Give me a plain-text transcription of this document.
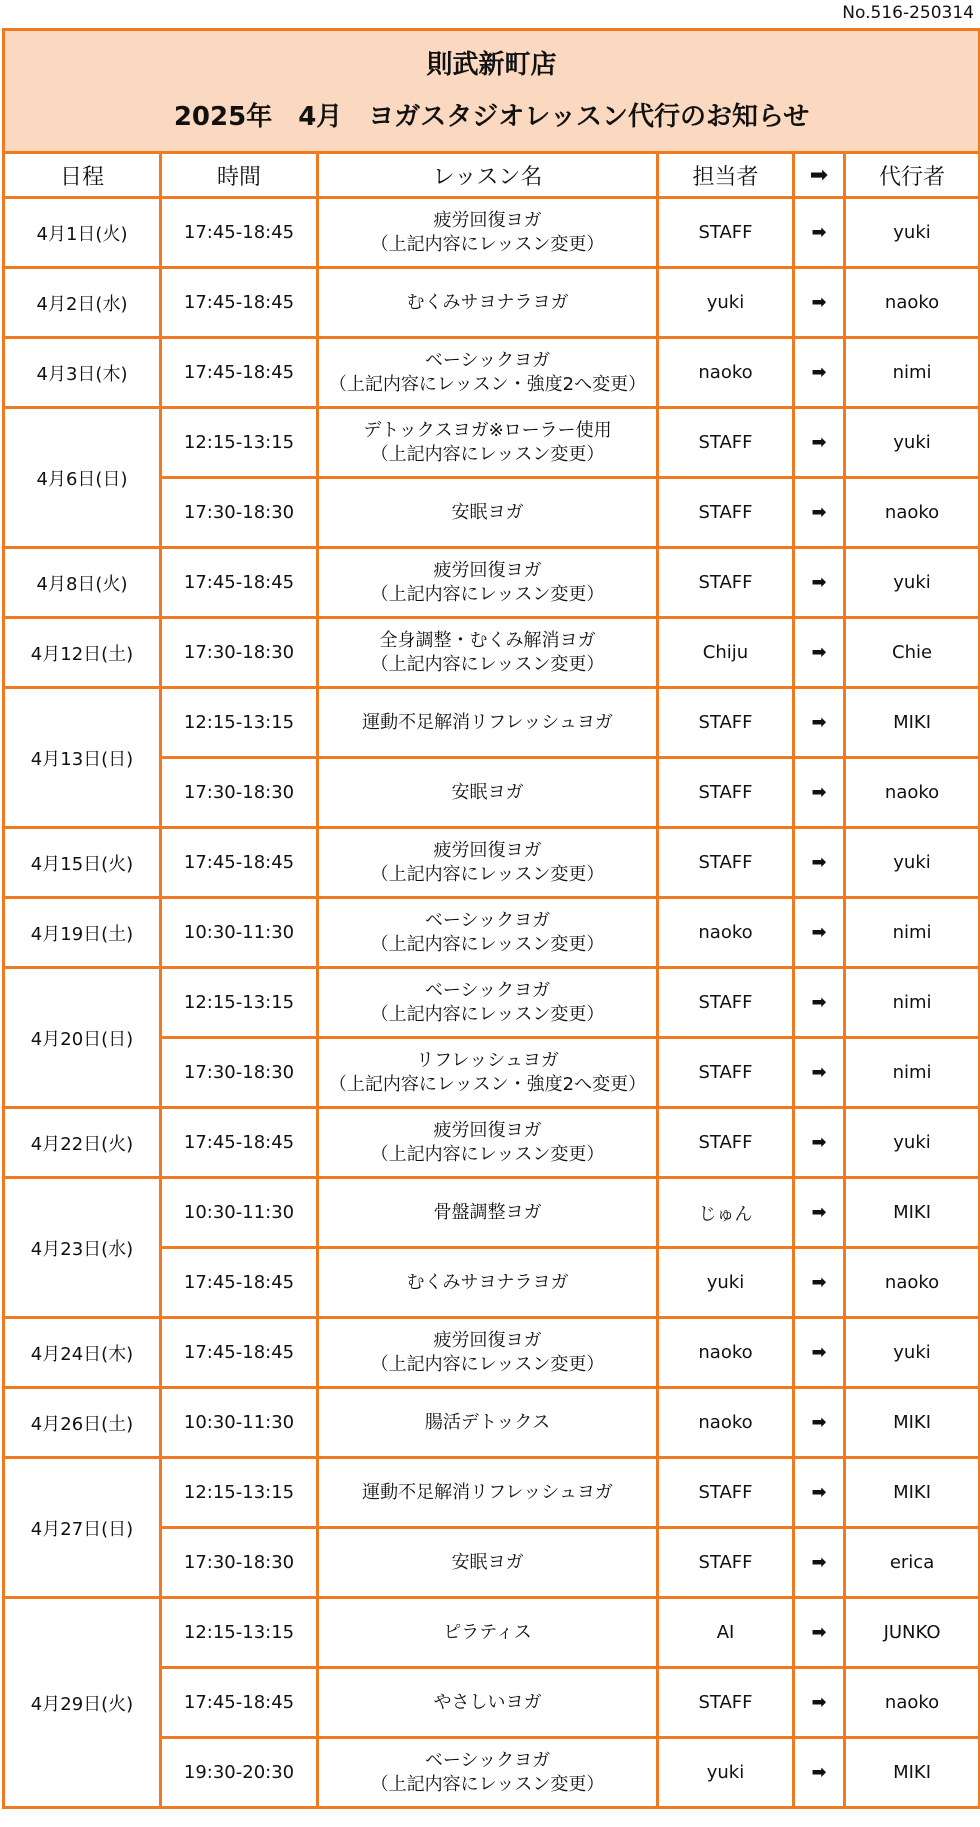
No.516-250314
則武新町店
2025年　4月　ヨガスタジオレッスン代行のお知らせ					

日程	時間	レッスン名	担当者	➡	代行者
4月1日(火)	17:45-18:45	疲労回復ヨガ
（上記内容にレッスン変更）	STAFF	➡	yuki
4月2日(水)	17:45-18:45	むくみサヨナラヨガ	yuki	➡	naoko
4月3日(木)	17:45-18:45	ベーシックヨガ
（上記内容にレッスン・強度2へ変更）	naoko	➡	nimi
4月6日(日)	12:15-13:15	デトックスヨガ※ローラー使用
（上記内容にレッスン変更）	STAFF	➡	yuki
	17:30-18:30	安眠ヨガ	STAFF	➡	naoko
4月8日(火)	17:45-18:45	疲労回復ヨガ
（上記内容にレッスン変更）	STAFF	➡	yuki
4月12日(土)	17:30-18:30	全身調整・むくみ解消ヨガ
（上記内容にレッスン変更）	Chiju	➡	Chie
4月13日(日)	12:15-13:15	運動不足解消リフレッシュヨガ	STAFF	➡	MIKI
	17:30-18:30	安眠ヨガ	STAFF	➡	naoko
4月15日(火)	17:45-18:45	疲労回復ヨガ
（上記内容にレッスン変更）	STAFF	➡	yuki
4月19日(土)	10:30-11:30	ベーシックヨガ
（上記内容にレッスン変更）	naoko	➡	nimi
4月20日(日)	12:15-13:15	ベーシックヨガ
（上記内容にレッスン変更）	STAFF	➡	nimi
	17:30-18:30	リフレッシュヨガ
（上記内容にレッスン・強度2へ変更）	STAFF	➡	nimi
4月22日(火)	17:45-18:45	疲労回復ヨガ
（上記内容にレッスン変更）	STAFF	➡	yuki
4月23日(水)	10:30-11:30	骨盤調整ヨガ	じゅん	➡	MIKI
	17:45-18:45	むくみサヨナラヨガ	yuki	➡	naoko
4月24日(木)	17:45-18:45	疲労回復ヨガ
（上記内容にレッスン変更）	naoko	➡	yuki
4月26日(土)	10:30-11:30	腸活デトックス	naoko	➡	MIKI
4月27日(日)	12:15-13:15	運動不足解消リフレッシュヨガ	STAFF	➡	MIKI
	17:30-18:30	安眠ヨガ	STAFF	➡	erica
4月29日(火)	12:15-13:15	ピラティス	AI	➡	JUNKO
	17:45-18:45	やさしいヨガ	STAFF	➡	naoko
	19:30-20:30	ベーシックヨガ
（上記内容にレッスン変更）	yuki	➡	MIKI
